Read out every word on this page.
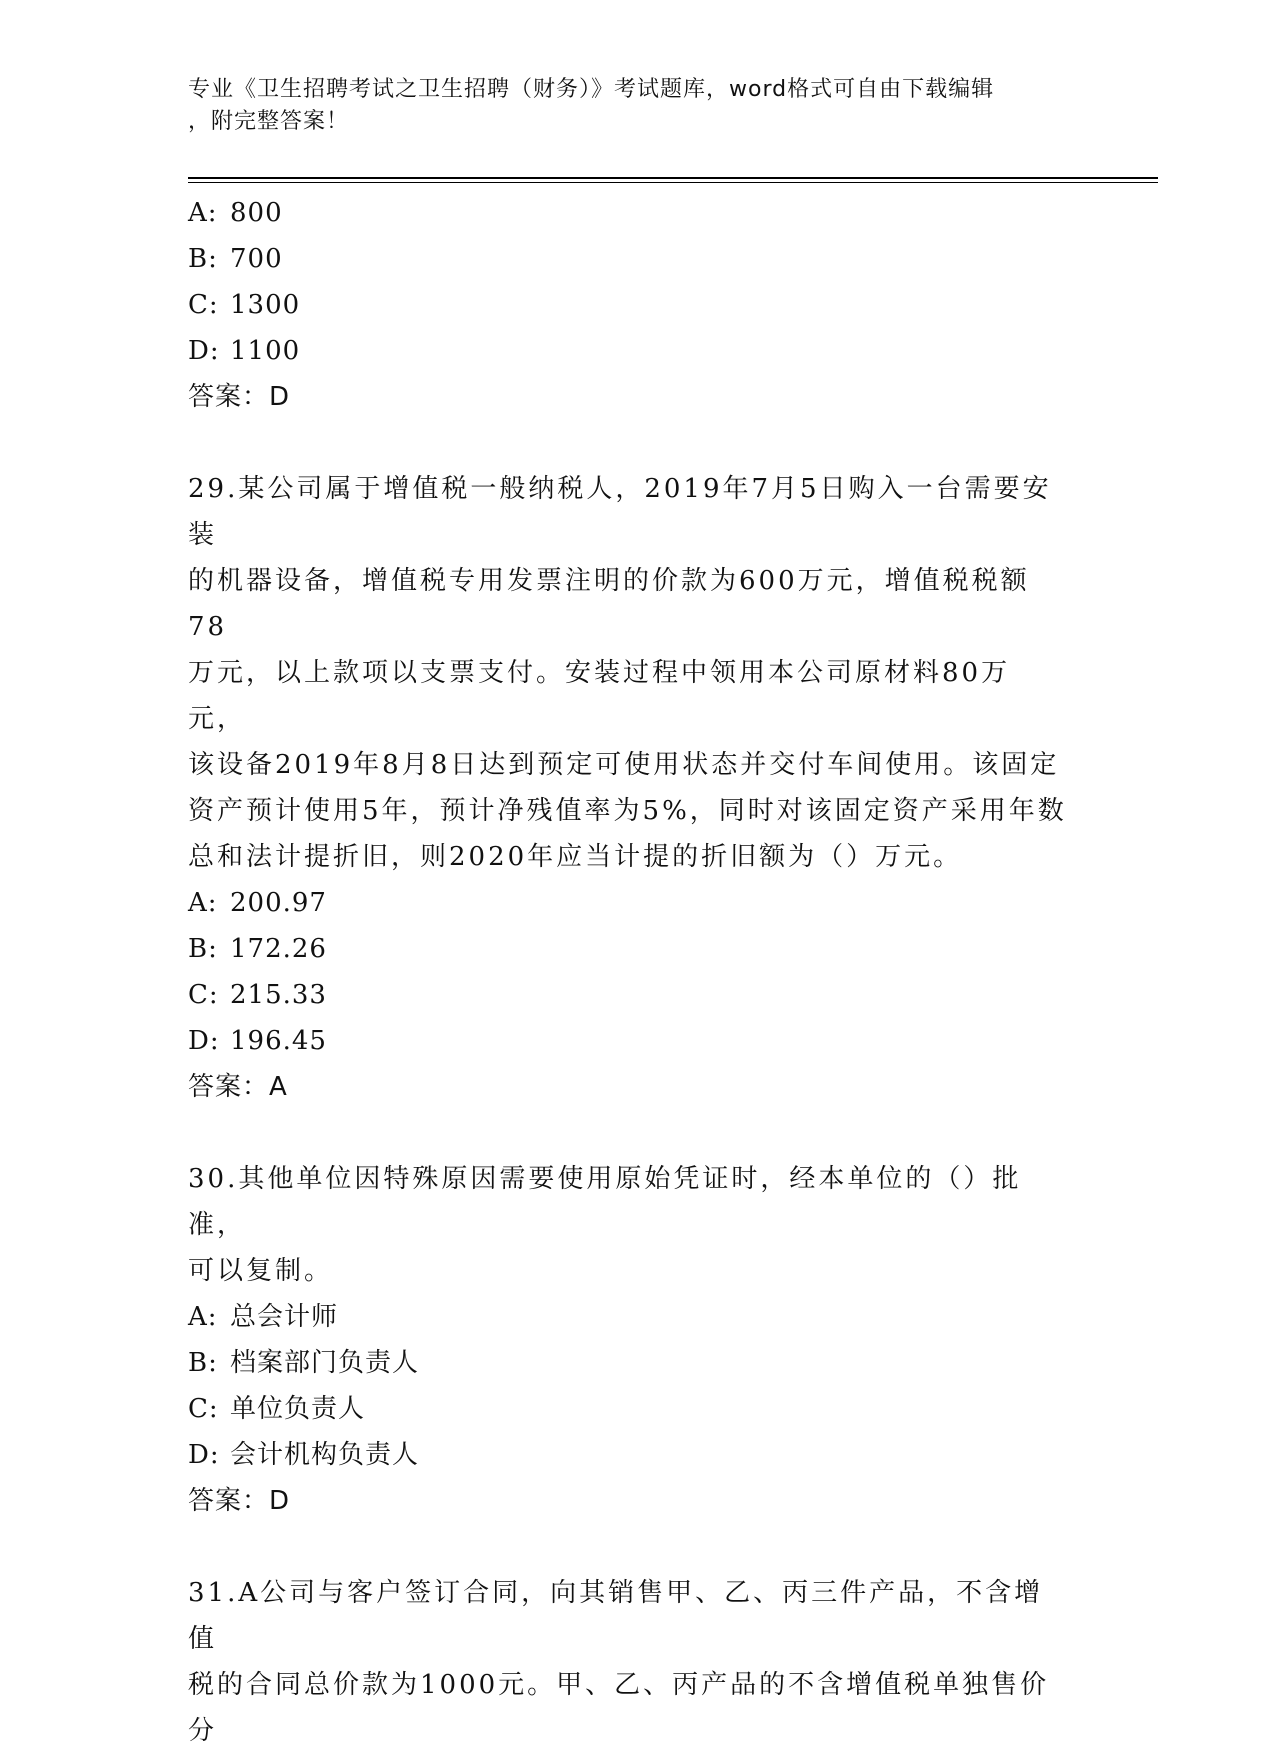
专业《卫生招聘考试之卫生招聘（财务）》考试题库，word格式可自由下载编辑
，附完整答案！
A: 800
B: 700
C: 1300
D: 1100
答案：D
29.某公司属于增值税一般纳税人，2019年7月5日购入一台需要安装
的机器设备，增值税专用发票注明的价款为600万元，增值税税额78
万元，以上款项以支票支付。安装过程中领用本公司原材料80万元，
该设备2019年8月8日达到预定可使用状态并交付车间使用。该固定
资产预计使用5年，预计净残值率为5%，同时对该固定资产采用年数
总和法计提折旧，则2020年应当计提的折旧额为（）万元。
A: 200.97
B: 172.26
C: 215.33
D: 196.45
答案：A
30.其他单位因特殊原因需要使用原始凭证时，经本单位的（）批准，
可以复制。
A: 总会计师
B: 档案部门负责人
C: 单位负责人
D: 会计机构负责人
答案：D
31.A公司与客户签订合同，向其销售甲、乙、丙三件产品，不含增值
税的合同总价款为1000元。甲、乙、丙产品的不含增值税单独售价分
